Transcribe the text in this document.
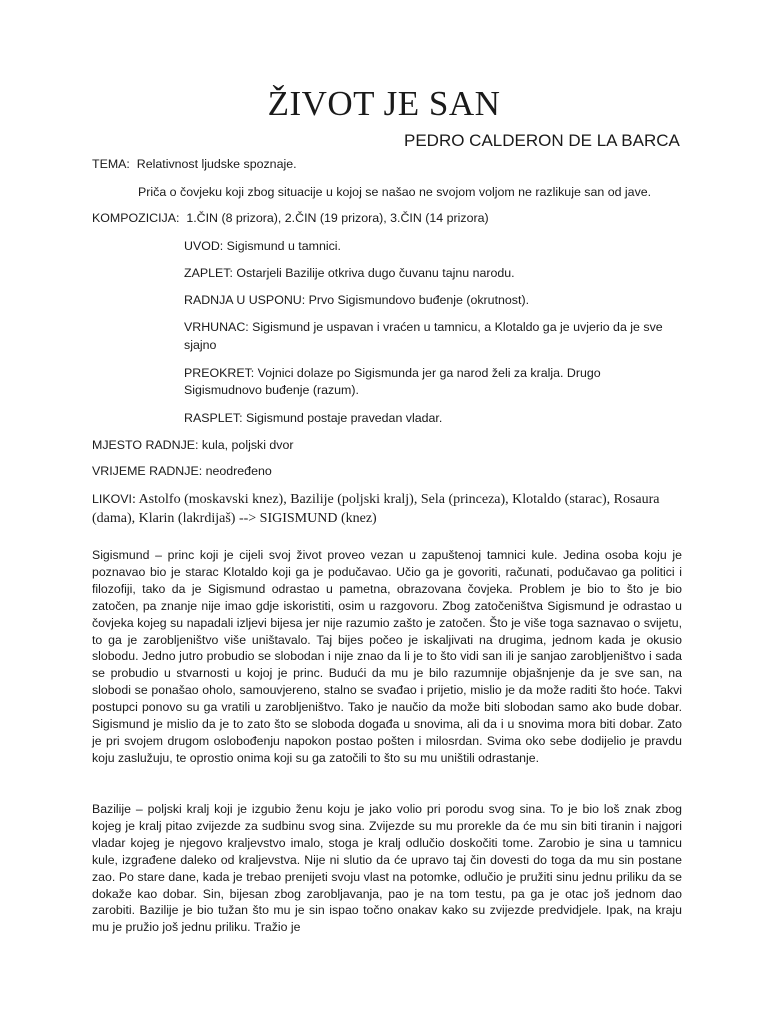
ŽIVOT JE SAN
PEDRO CALDERON DE LA BARCA
TEMA: Relativnost ljudske spoznaje.
Priča o čovjeku koji zbog situacije u kojoj se našao ne svojom voljom ne razlikuje san od jave.
KOMPOZICIJA: 1.ČIN (8 prizora), 2.ČIN (19 prizora), 3.ČIN (14 prizora)
UVOD: Sigismund u tamnici.
ZAPLET: Ostarjeli Bazilije otkriva dugo čuvanu tajnu narodu.
RADNJA U USPONU: Prvo Sigismundovo buđenje (okrutnost).
VRHUNAC: Sigismund je uspavan i vraćen u tamnicu, a Klotaldo ga je uvjerio da je sve
sjajno
PREOKRET: Vojnici dolaze po Sigismunda jer ga narod želi za kralja. Drugo
Sigismudnovo buđenje (razum).
RASPLET: Sigismund postaje pravedan vladar.
MJESTO RADNJE: kula, poljski dvor
VRIJEME RADNJE: neodređeno
LIKOVI: Astolfo (moskavski knez), Bazilije (poljski kralj), Sela (princeza), Klotaldo (starac), Rosaura (dama), Klarin (lakrdijaš) --> SIGISMUND (knez)
Sigismund – princ koji je cijeli svoj život proveo vezan u zapuštenoj tamnici kule. Jedina osoba koju je poznavao bio je starac Klotaldo koji ga je podučavao. Učio ga je govoriti, računati, podučavao ga politici i filozofiji, tako da je Sigismund odrastao u pametna, obrazovana čovjeka. Problem je bio to što je bio zatočen, pa znanje nije imao gdje iskoristiti, osim u razgovoru. Zbog zatočeništva Sigismund je odrastao u čovjeka kojeg su napadali izljevi bijesa jer nije razumio zašto je zatočen. Što je više toga saznavao o svijetu, to ga je zarobljeništvo više uništavalo. Taj bijes počeo je iskaljivati na drugima, jednom kada je okusio slobodu. Jedno jutro probudio se slobodan i nije znao da li je to što vidi san ili je sanjao zarobljeništvo i sada se probudio u stvarnosti u kojoj je princ. Budući da mu je bilo razumnije objašnjenje da je sve san, na slobodi se ponašao oholo, samouvjereno, stalno se svađao i prijetio, mislio je da može raditi što hoće. Takvi postupci ponovo su ga vratili u zarobljeništvo. Tako je naučio da može biti slobodan samo ako bude dobar. Sigismund je mislio da je to zato što se sloboda događa u snovima, ali da i u snovima mora biti dobar. Zato je pri svojem drugom oslobođenju napokon postao pošten i milosrdan. Svima oko sebe dodijelio je pravdu koju zaslužuju, te oprostio onima koji su ga zatočili to što su mu uništili odrastanje.
Bazilije – poljski kralj koji je izgubio ženu koju je jako volio pri porodu svog sina. To je bio loš znak zbog kojeg je kralj pitao zvijezde za sudbinu svog sina. Zvijezde su mu prorekle da će mu sin biti tiranin i najgori vladar kojeg je njegovo kraljevstvo imalo, stoga je kralj odlučio doskočiti tome. Zarobio je sina u tamnicu kule, izgrađene daleko od kraljevstva. Nije ni slutio da će upravo taj čin dovesti do toga da mu sin postane zao. Po stare dane, kada je trebao prenijeti svoju vlast na potomke, odlučio je pružiti sinu jednu priliku da se dokaže kao dobar. Sin, bijesan zbog zarobljavanja, pao je na tom testu, pa ga je otac još jednom dao zarobiti. Bazilije je bio tužan što mu je sin ispao točno onakav kako su zvijezde predvidjele. Ipak, na kraju mu je pružio još jednu priliku. Tražio je
